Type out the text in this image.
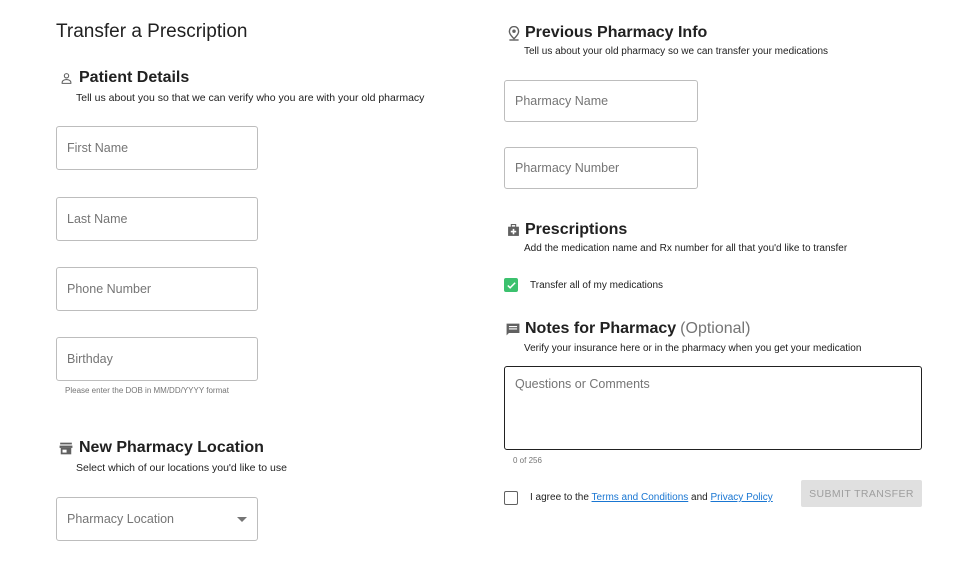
Transfer a Prescription
Patient Details
Tell us about you so that we can verify who you are with your old pharmacy
First Name
Last Name
Phone Number
Birthday
Please enter the DOB in MM/DD/YYYY format
New Pharmacy Location
Select which of our locations you'd like to use
Pharmacy Location
Previous Pharmacy Info
Tell us about your old pharmacy so we can transfer your medications
Pharmacy Name
Pharmacy Number
Prescriptions
Add the medication name and Rx number for all that you'd like to transfer
Transfer all of my medications
Notes for Pharmacy (Optional)
Verify your insurance here or in the pharmacy when you get your medication
Questions or Comments
0 of 256
I agree to the Terms and Conditions and Privacy Policy	SUBMIT TRANSFER
